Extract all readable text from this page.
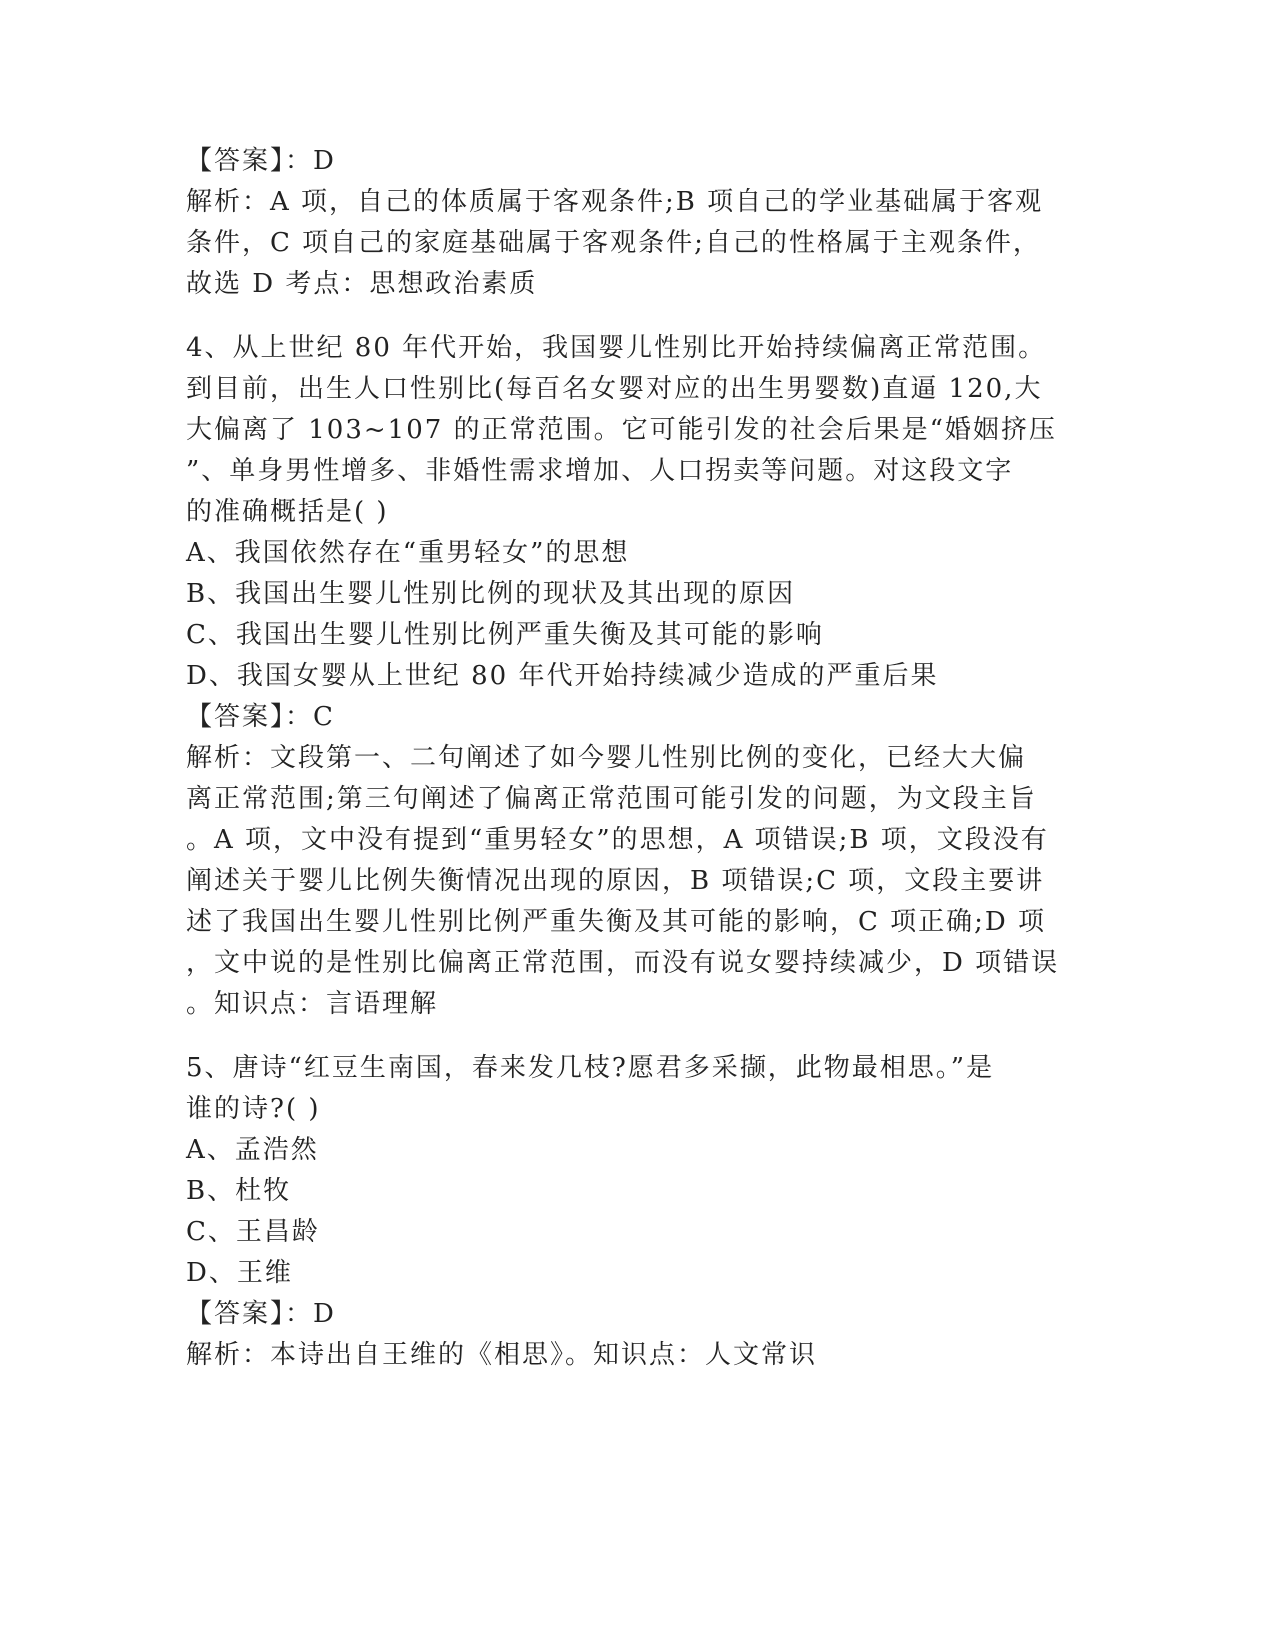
【答案】：D
解析：A 项，自己的体质属于客观条件;B 项自己的学业基础属于客观
条件，C 项自己的家庭基础属于客观条件;自己的性格属于主观条件，
故选 D 考点：思想政治素质
4、从上世纪 80 年代开始，我国婴儿性别比开始持续偏离正常范围。
到目前，出生人口性别比(每百名女婴对应的出生男婴数)直逼 120,大
大偏离了 103~107 的正常范围。它可能引发的社会后果是“婚姻挤压
”、单身男性增多、非婚性需求增加、人口拐卖等问题。对这段文字
的准确概括是( )
A、我国依然存在“重男轻女”的思想
B、我国出生婴儿性别比例的现状及其出现的原因
C、我国出生婴儿性别比例严重失衡及其可能的影响
D、我国女婴从上世纪 80 年代开始持续减少造成的严重后果
【答案】：C
解析：文段第一、二句阐述了如今婴儿性别比例的变化，已经大大偏
离正常范围;第三句阐述了偏离正常范围可能引发的问题，为文段主旨
。A 项，文中没有提到“重男轻女”的思想，A 项错误;B 项，文段没有
阐述关于婴儿比例失衡情况出现的原因，B 项错误;C 项，文段主要讲
述了我国出生婴儿性别比例严重失衡及其可能的影响，C 项正确;D 项
，文中说的是性别比偏离正常范围，而没有说女婴持续减少，D 项错误
。知识点：言语理解
5、唐诗“红豆生南国，春来发几枝?愿君多采撷，此物最相思。”是
谁的诗?( )
A、孟浩然
B、杜牧
C、王昌龄
D、王维
【答案】：D
解析：本诗出自王维的《相思》。知识点：人文常识
